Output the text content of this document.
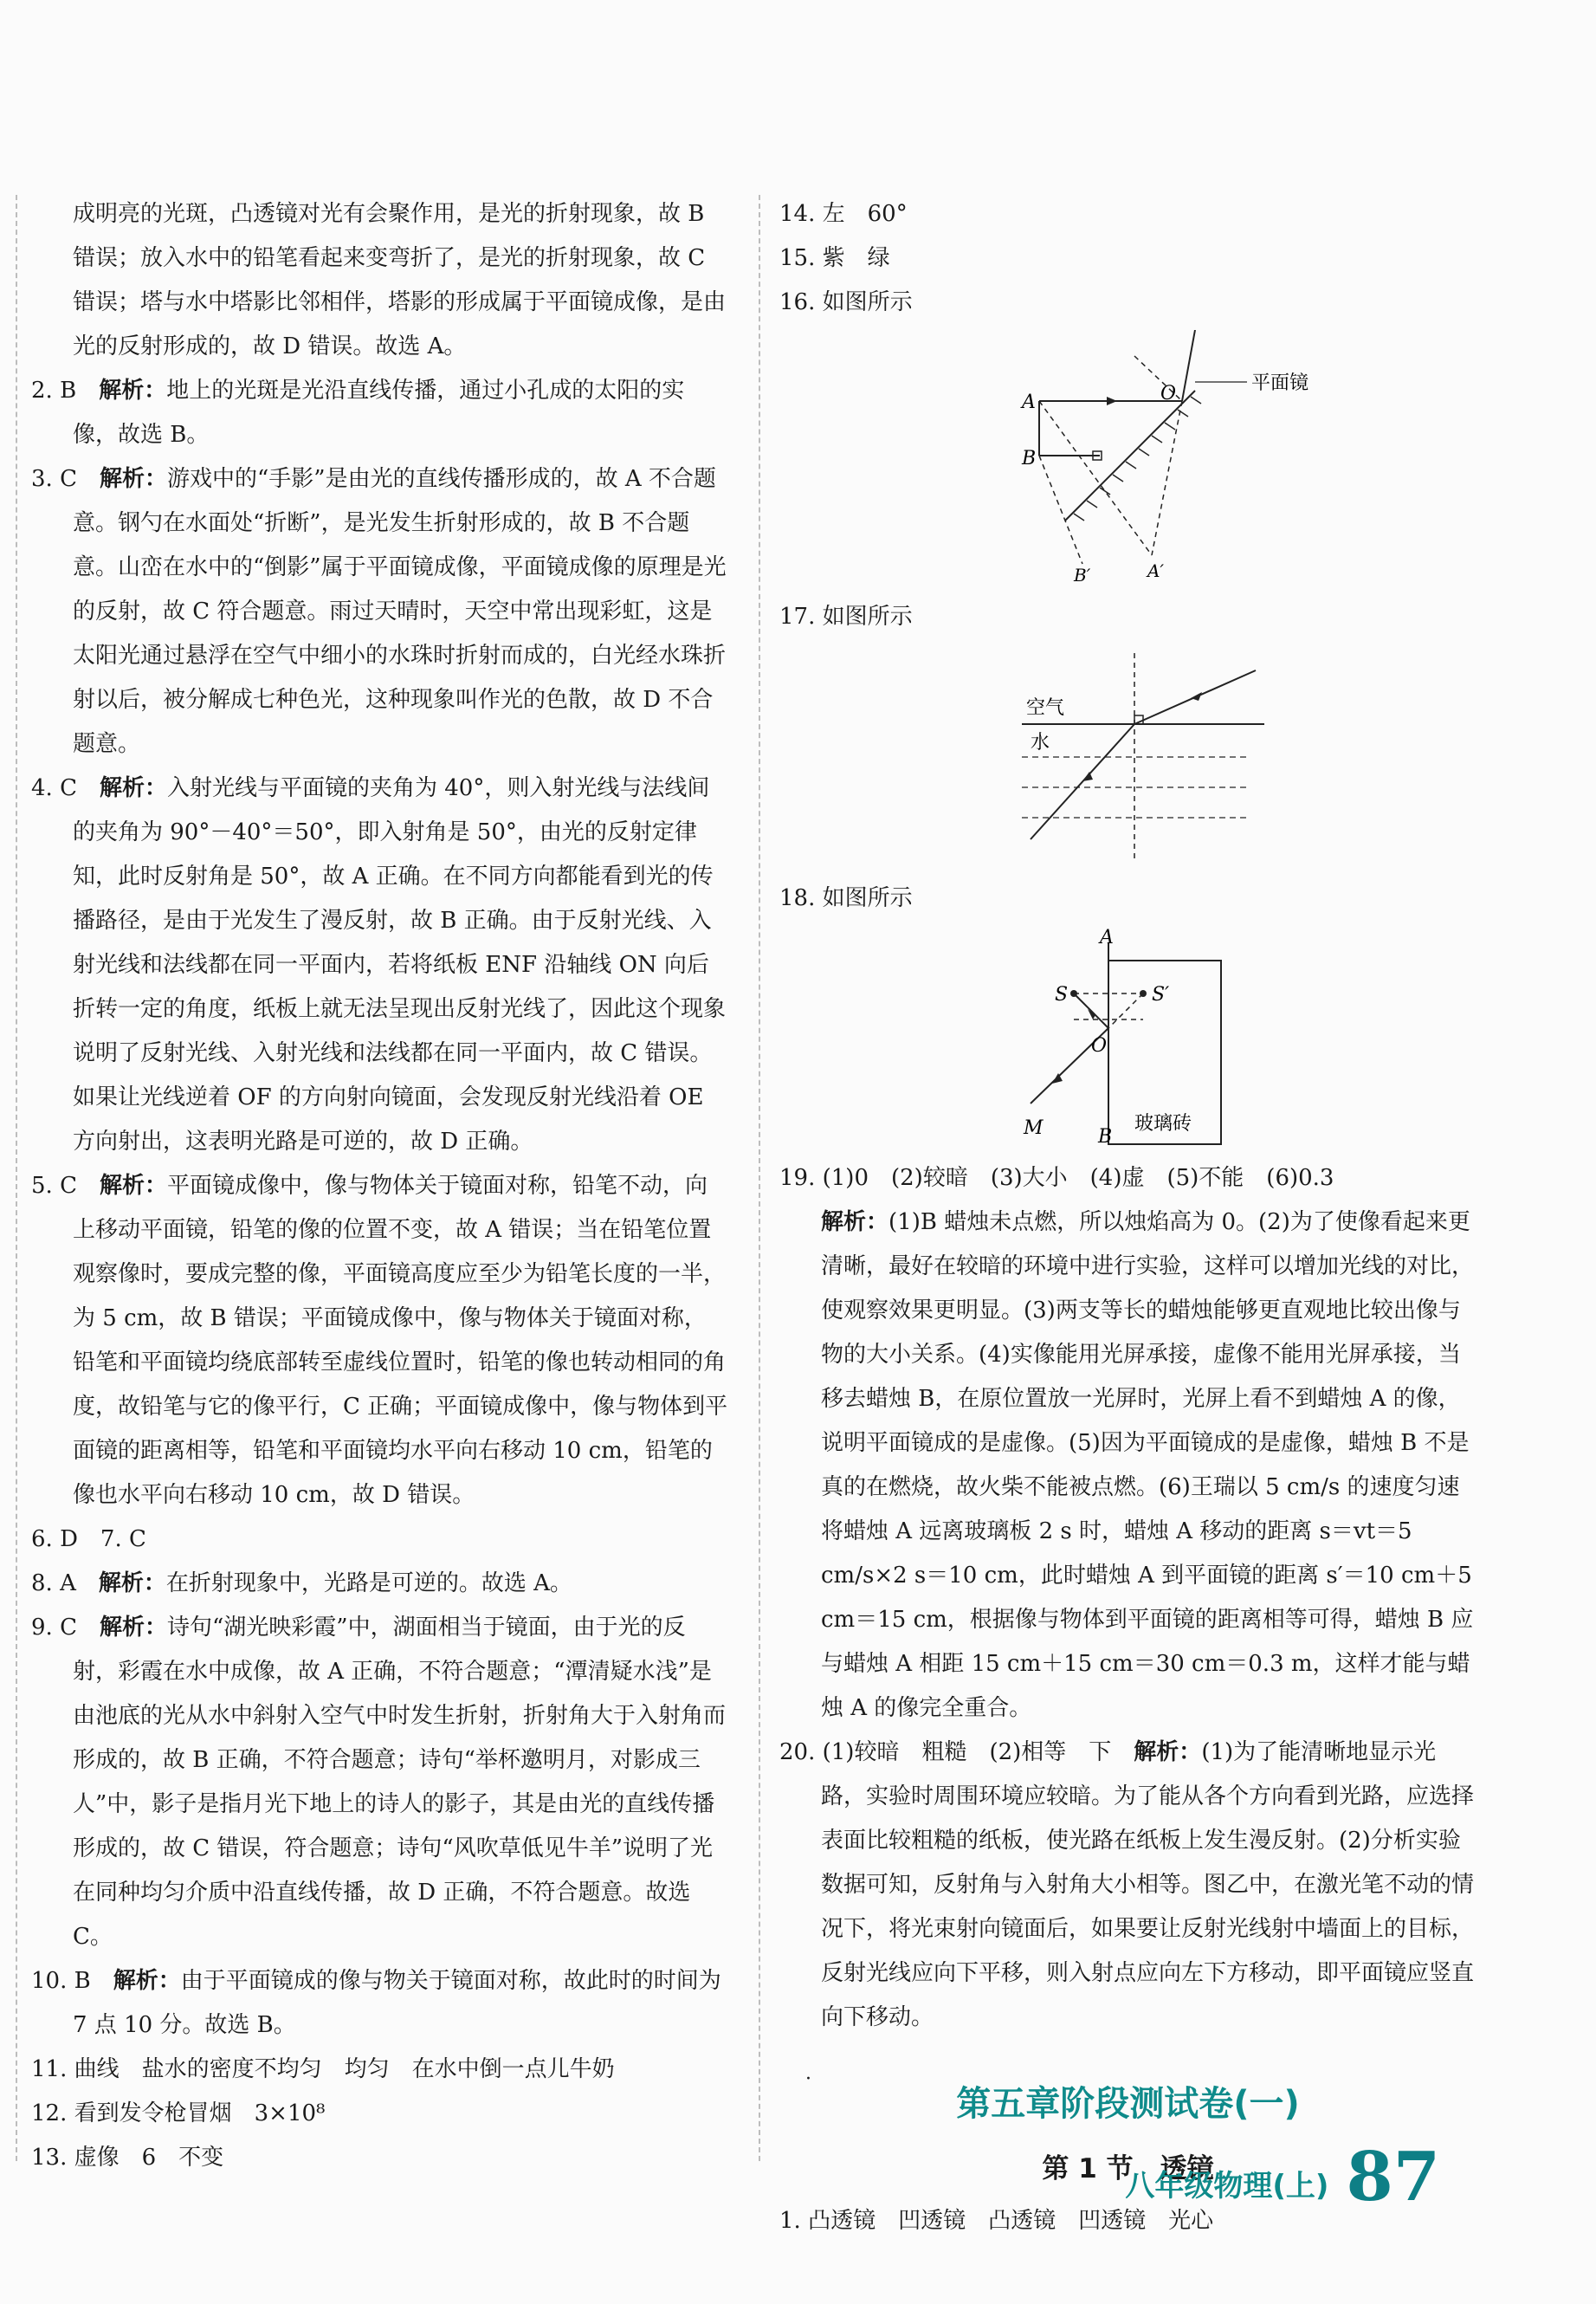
成明亮的光斑，凸透镜对光有会聚作用，是光的折射现象，故 B 错误；放入水中的铅笔看起来变弯折了，是光的折射现象，故 C 错误；塔与水中塔影比邻相伴，塔影的形成属于平面镜成像，是由光的反射形成的，故 D 错误。故选 A。
2. B　 解析：地上的光斑是光沿直线传播，通过小孔成的太阳的实像，故选 B。
3. C　 解析：游戏中的“手影”是由光的直线传播形成的，故 A 不合题意。钢勺在水面处“折断”，是光发生折射形成的，故 B 不合题意。山峦在水中的“倒影”属于平面镜成像，平面镜成像的原理是光的反射，故 C 符合题意。雨过天晴时，天空中常出现彩虹，这是太阳光通过悬浮在空气中细小的水珠时折射而成的，白光经水珠折射以后，被分解成七种色光，这种现象叫作光的色散，故 D 不合题意。
4. C　 解析：入射光线与平面镜的夹角为 40°，则入射光线与法线间的夹角为 90°－40°＝50°，即入射角是 50°，由光的反射定律知，此时反射角是 50°，故 A 正确。在不同方向都能看到光的传播路径，是由于光发生了漫反射，故 B 正确。由于反射光线、入射光线和法线都在同一平面内，若将纸板 ENF 沿轴线 ON 向后折转一定的角度，纸板上就无法呈现出反射光线了，因此这个现象说明了反射光线、入射光线和法线都在同一平面内，故 C 错误。如果让光线逆着 OF 的方向射向镜面，会发现反射光线沿着 OE 方向射出，这表明光路是可逆的，故 D 正确。
5. C　 解析：平面镜成像中，像与物体关于镜面对称，铅笔不动，向上移动平面镜，铅笔的像的位置不变，故 A 错误；当在铅笔位置观察像时，要成完整的像，平面镜高度应至少为铅笔长度的一半，为 5 cm，故 B 错误；平面镜成像中，像与物体关于镜面对称，铅笔和平面镜均绕底部转至虚线位置时，铅笔的像也转动相同的角度，故铅笔与它的像平行，C 正确；平面镜成像中，像与物体到平面镜的距离相等，铅笔和平面镜均水平向右移动 10 cm，铅笔的像也水平向右移动 10 cm，故 D 错误。
6. D　7. C
8. A　 解析：在折射现象中，光路是可逆的。故选 A。
9. C　 解析：诗句“湖光映彩霞”中，湖面相当于镜面，由于光的反射，彩霞在水中成像，故 A 正确，不符合题意；“潭清疑水浅”是由池底的光从水中斜射入空气中时发生折射，折射角大于入射角而形成的，故 B 正确，不符合题意；诗句“举杯邀明月，对影成三人”中，影子是指月光下地上的诗人的影子，其是由光的直线传播形成的，故 C 错误，符合题意；诗句“风吹草低见牛羊”说明了光在同种均匀介质中沿直线传播，故 D 正确，不符合题意。故选 C。
10. B　 解析：由于平面镜成的像与物关于镜面对称，故此时的时间为 7 点 10 分。故选 B。
11. 曲线　盐水的密度不均匀　均匀　在水中倒一点儿牛奶
12. 看到发令枪冒烟　3×10⁸
13. 虚像　6　不变
14. 左　60°
15. 紫　绿
16. 如图所示
平面镜
A
B
O
A′
B′
17. 如图所示
空气
水
18. 如图所示
A
S	S′
O
M	B
玻璃砖
19. (1)0　(2)较暗　(3)大小　(4)虚　(5)不能　(6)0.3
解析：(1)B 蜡烛未点燃，所以烛焰高为 0。(2)为了使像看起来更清晰，最好在较暗的环境中进行实验，这样可以增加光线的对比，使观察效果更明显。(3)两支等长的蜡烛能够更直观地比较出像与物的大小关系。(4)实像能用光屏承接，虚像不能用光屏承接，当移去蜡烛 B，在原位置放一光屏时，光屏上看不到蜡烛 A 的像，说明平面镜成的是虚像。(5)因为平面镜成的是虚像，蜡烛 B 不是真的在燃烧，故火柴不能被点燃。(6)王瑞以 5 cm/s 的速度匀速将蜡烛 A 远离玻璃板 2 s 时，蜡烛 A 移动的距离 s＝vt＝5 cm/s×2 s＝10 cm，此时蜡烛 A 到平面镜的距离 s′＝10 cm＋5 cm＝15 cm，根据像与物体到平面镜的距离相等可得，蜡烛 B 应与蜡烛 A 相距 15 cm＋15 cm＝30 cm＝0.3 m，这样才能与蜡烛 A 的像完全重合。
20. (1)较暗　粗糙　(2)相等　下　 解析：(1)为了能清晰地显示光路，实验时周围环境应较暗。为了能从各个方向看到光路，应选择表面比较粗糙的纸板，使光路在纸板上发生漫反射。(2)分析实验数据可知，反射角与入射角大小相等。图乙中，在激光笔不动的情况下，将光束射向镜面后，如果要让反射光线射中墙面上的目标，反射光线应向下平移，则入射点应向左下方移动，即平面镜应竖直向下移动。
第五章阶段测试卷(一)
第 1 节　透镜
1. 凸透镜　凹透镜　凸透镜　凹透镜　光心
·
八年级物理(上) 87
